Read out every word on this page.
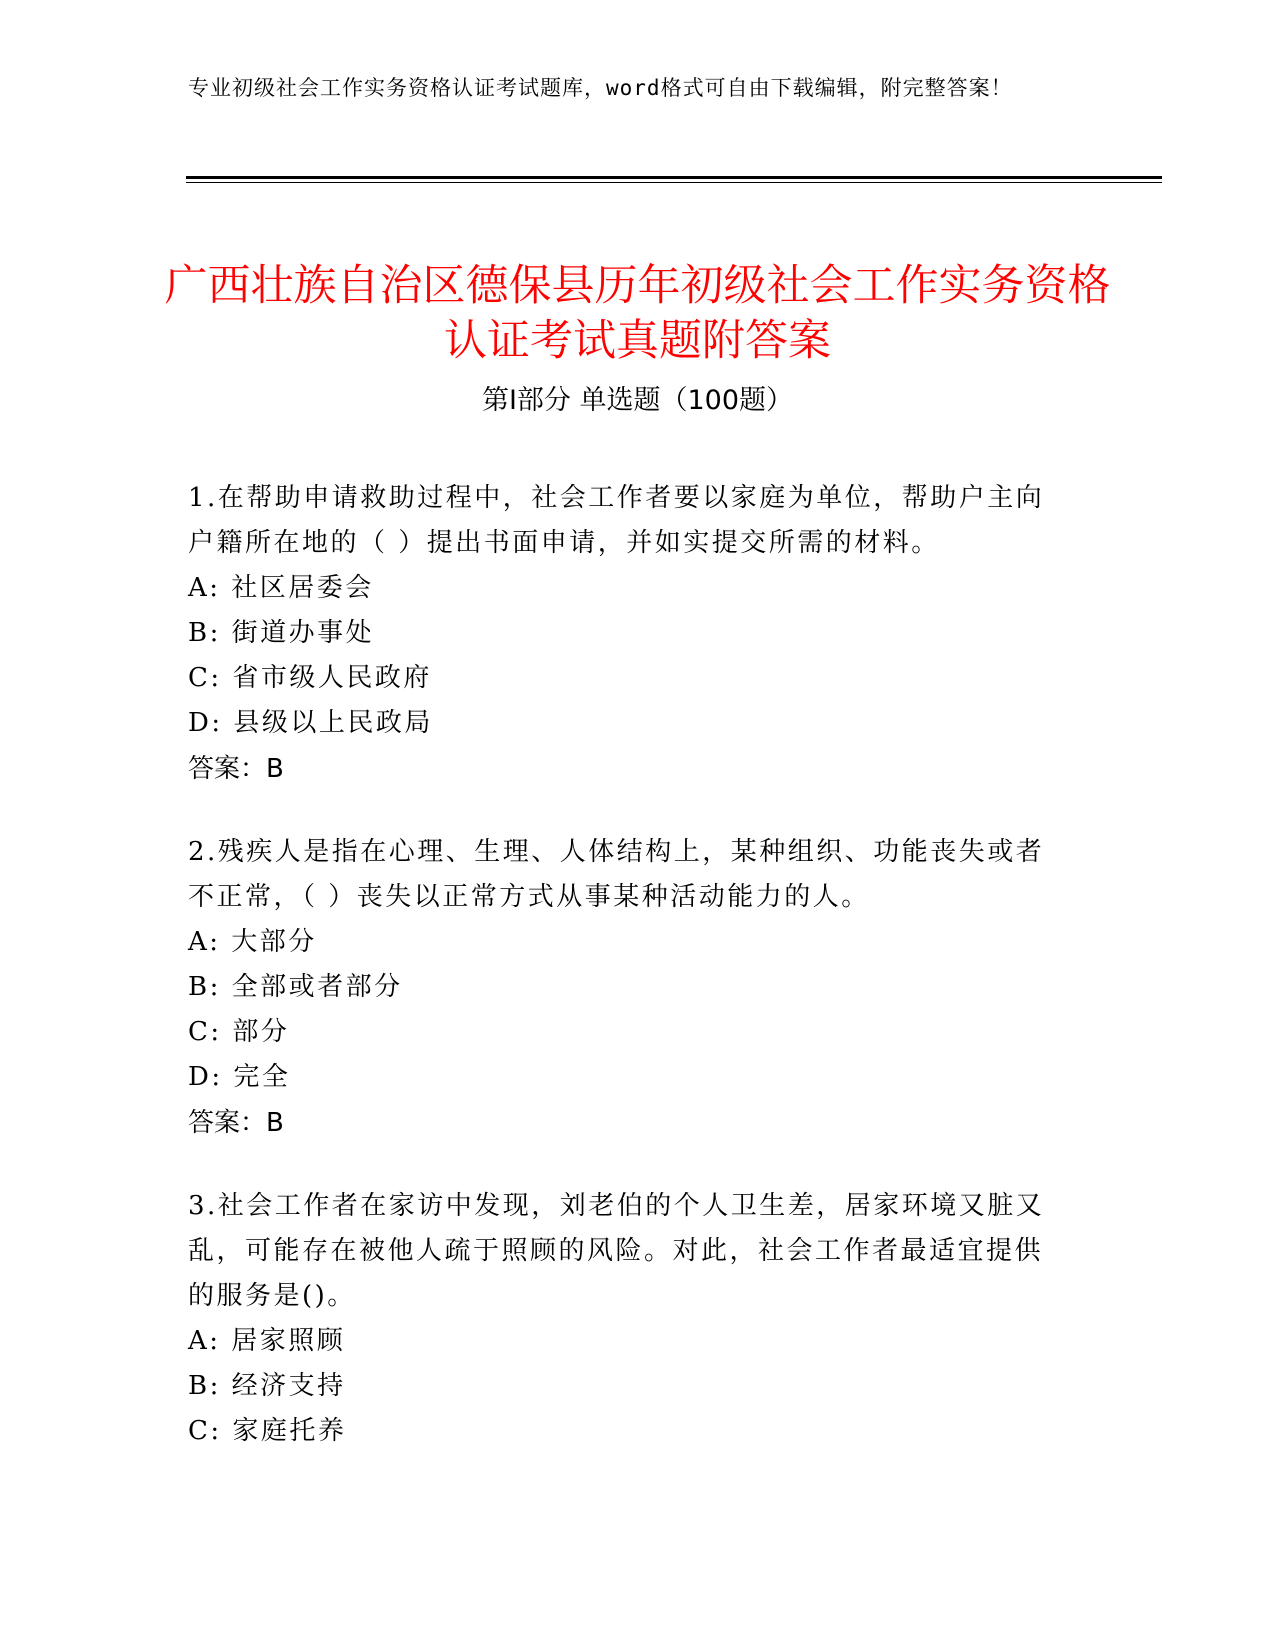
专业初级社会工作实务资格认证考试题库，word格式可自由下载编辑，附完整答案！
广西壮族自治区德保县历年初级社会工作实务资格认证考试真题附答案
第Ⅰ部分 单选题（100题）
1.在帮助申请救助过程中，社会工作者要以家庭为单位，帮助户主向户籍所在地的（ ）提出书面申请，并如实提交所需的材料。
A: 社区居委会
B: 街道办事处
C: 省市级人民政府
D: 县级以上民政局
答案：B
2.残疾人是指在心理、生理、人体结构上，某种组织、功能丧失或者不正常，（ ）丧失以正常方式从事某种活动能力的人。
A: 大部分
B: 全部或者部分
C: 部分
D: 完全
答案：B
3.社会工作者在家访中发现，刘老伯的个人卫生差，居家环境又脏又乱，可能存在被他人疏于照顾的风险。对此，社会工作者最适宜提供的服务是()。
A: 居家照顾
B: 经济支持
C: 家庭托养
